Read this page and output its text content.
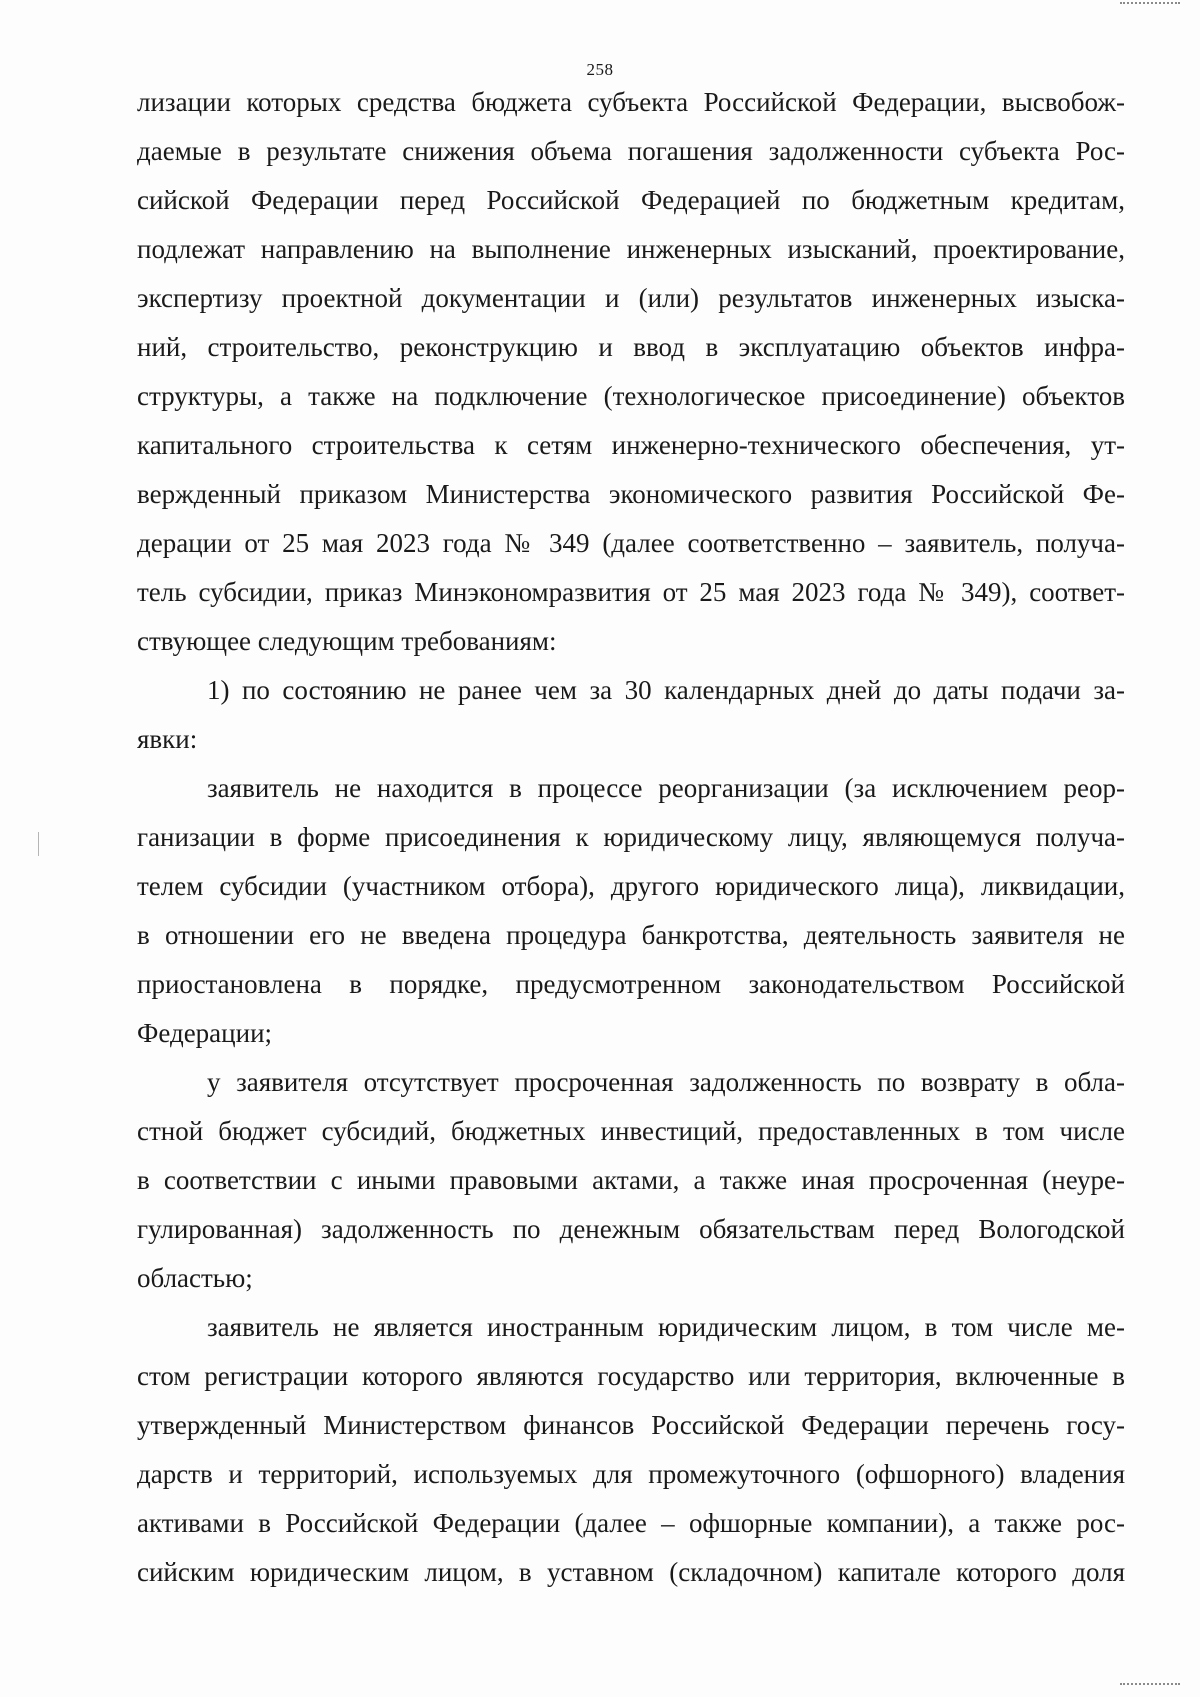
258
лизации которых средства бюджета субъекта Российской Федерации, высвобож-
даемые в результате снижения объема погашения задолженности субъекта Рос-
сийской Федерации перед Российской Федерацией по бюджетным кредитам,
подлежат направлению на выполнение инженерных изысканий, проектирование,
экспертизу проектной документации и (или) результатов инженерных изыска-
ний, строительство, реконструкцию и ввод в эксплуатацию объектов инфра-
структуры, а также на подключение (технологическое присоединение) объектов
капитального строительства к сетям инженерно-технического обеспечения, ут-
вержденный приказом Министерства экономического развития Российской Фе-
дерации от 25 мая 2023 года № 349 (далее соответственно – заявитель, получа-
тель субсидии, приказ Минэкономразвития от 25 мая 2023 года № 349), соответ-
ствующее следующим требованиям:
1) по состоянию не ранее чем за 30 календарных дней до даты подачи за-
явки:
заявитель не находится в процессе реорганизации (за исключением реор-
ганизации в форме присоединения к юридическому лицу, являющемуся получа-
телем субсидии (участником отбора), другого юридического лица), ликвидации,
в отношении его не введена процедура банкротства, деятельность заявителя не
приостановлена в порядке, предусмотренном законодательством Российской
Федерации;
у заявителя отсутствует просроченная задолженность по возврату в обла-
стной бюджет субсидий, бюджетных инвестиций, предоставленных в том числе
в соответствии с иными правовыми актами, а также иная просроченная (неуре-
гулированная) задолженность по денежным обязательствам перед Вологодской
областью;
заявитель не является иностранным юридическим лицом, в том числе ме-
стом регистрации которого являются государство или территория, включенные в
утвержденный Министерством финансов Российской Федерации перечень госу-
дарств и территорий, используемых для промежуточного (офшорного) владения
активами в Российской Федерации (далее – офшорные компании), а также рос-
сийским юридическим лицом, в уставном (складочном) капитале которого доля
